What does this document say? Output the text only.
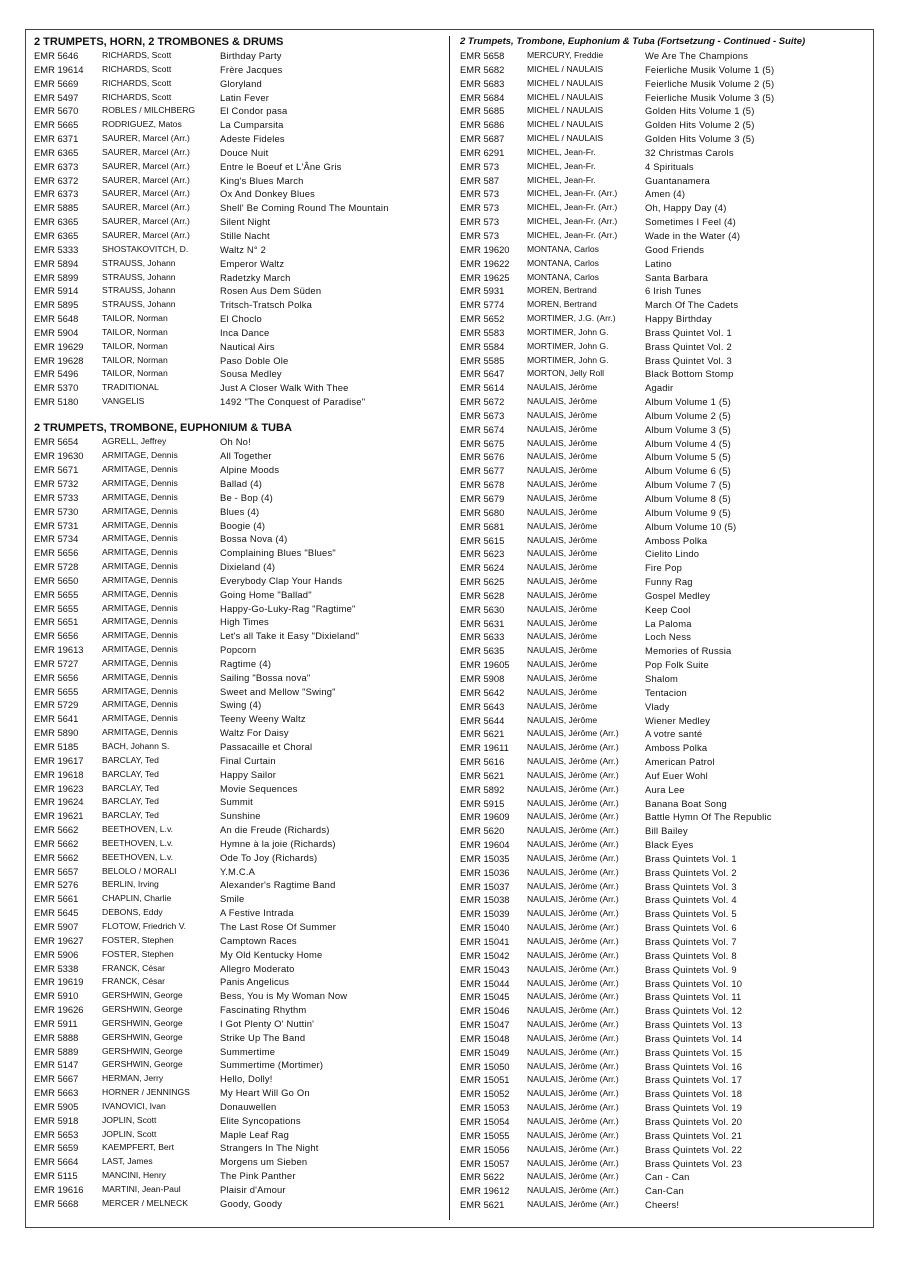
2 TRUMPETS, HORN, 2 TROMBONES & DRUMS
EMR 5646	RICHARDS, Scott	Birthday Party
EMR 19614	RICHARDS, Scott	Frère Jacques
EMR 5669	RICHARDS, Scott	Gloryland
EMR 5497	RICHARDS, Scott	Latin Fever
EMR 5670	ROBLES / MILCHBERG	El Condor pasa
EMR 5665	RODRIGUEZ, Matos	La Cumparsita
EMR 6371	SAURER, Marcel (Arr.)	Adeste Fideles
EMR 6365	SAURER, Marcel (Arr.)	Douce Nuit
EMR 6373	SAURER, Marcel (Arr.)	Entre le Boeuf et L'Âne Gris
EMR 6372	SAURER, Marcel (Arr.)	King's Blues March
EMR 6373	SAURER, Marcel (Arr.)	Ox And Donkey Blues
EMR 5885	SAURER, Marcel (Arr.)	Shell' Be Coming Round The Mountain
EMR 6365	SAURER, Marcel (Arr.)	Silent Night
EMR 6365	SAURER, Marcel (Arr.)	Stille Nacht
EMR 5333	SHOSTAKOVITCH, D.	Waltz N° 2
EMR 5894	STRAUSS, Johann	Emperor Waltz
EMR 5899	STRAUSS, Johann	Radetzky March
EMR 5914	STRAUSS, Johann	Rosen Aus Dem Süden
EMR 5895	STRAUSS, Johann	Tritsch-Tratsch Polka
EMR 5648	TAILOR, Norman	El Choclo
EMR 5904	TAILOR, Norman	Inca Dance
EMR 19629	TAILOR, Norman	Nautical Airs
EMR 19628	TAILOR, Norman	Paso Doble Ole
EMR 5496	TAILOR, Norman	Sousa Medley
EMR 5370	TRADITIONAL	Just A Closer Walk With Thee
EMR 5180	VANGELIS	1492 "The Conquest of Paradise"
2 TRUMPETS, TROMBONE, EUPHONIUM & TUBA
EMR 5654	AGRELL, Jeffrey	Oh No!
EMR 19630	ARMITAGE, Dennis	All Together
EMR 5671	ARMITAGE, Dennis	Alpine Moods
EMR 5732	ARMITAGE, Dennis	Ballad (4)
EMR 5733	ARMITAGE, Dennis	Be - Bop (4)
EMR 5730	ARMITAGE, Dennis	Blues (4)
EMR 5731	ARMITAGE, Dennis	Boogie (4)
EMR 5734	ARMITAGE, Dennis	Bossa Nova (4)
EMR 5656	ARMITAGE, Dennis	Complaining Blues "Blues"
EMR 5728	ARMITAGE, Dennis	Dixieland (4)
EMR 5650	ARMITAGE, Dennis	Everybody Clap Your Hands
EMR 5655	ARMITAGE, Dennis	Going Home "Ballad"
EMR 5655	ARMITAGE, Dennis	Happy-Go-Luky-Rag "Ragtime"
EMR 5651	ARMITAGE, Dennis	High Times
EMR 5656	ARMITAGE, Dennis	Let's all Take it Easy "Dixieland"
EMR 19613	ARMITAGE, Dennis	Popcorn
EMR 5727	ARMITAGE, Dennis	Ragtime (4)
EMR 5656	ARMITAGE, Dennis	Sailing "Bossa nova"
EMR 5655	ARMITAGE, Dennis	Sweet and Mellow "Swing"
EMR 5729	ARMITAGE, Dennis	Swing (4)
EMR 5641	ARMITAGE, Dennis	Teeny Weeny Waltz
EMR 5890	ARMITAGE, Dennis	Waltz For Daisy
EMR 5185	BACH, Johann S.	Passacaille et Choral
EMR 19617	BARCLAY, Ted	Final Curtain
EMR 19618	BARCLAY, Ted	Happy Sailor
EMR 19623	BARCLAY, Ted	Movie Sequences
EMR 19624	BARCLAY, Ted	Summit
EMR 19621	BARCLAY, Ted	Sunshine
EMR 5662	BEETHOVEN, L.v.	An die Freude (Richards)
EMR 5662	BEETHOVEN, L.v.	Hymne à la joie (Richards)
EMR 5662	BEETHOVEN, L.v.	Ode To Joy (Richards)
EMR 5657	BELOLO / MORALI	Y.M.C.A
EMR 5276	BERLIN, Irving	Alexander's Ragtime Band
EMR 5661	CHAPLIN, Charlie	Smile
EMR 5645	DEBONS, Eddy	A Festive Intrada
EMR 5907	FLOTOW, Friedrich V.	The Last Rose Of Summer
EMR 19627	FOSTER, Stephen	Camptown Races
EMR 5906	FOSTER, Stephen	My Old Kentucky Home
EMR 5338	FRANCK, César	Allegro Moderato
EMR 19619	FRANCK, César	Panis Angelicus
EMR 5910	GERSHWIN, George	Bess, You is My Woman Now
EMR 19626	GERSHWIN, George	Fascinating Rhythm
EMR 5911	GERSHWIN, George	I Got Plenty O' Nuttin'
EMR 5888	GERSHWIN, George	Strike Up The Band
EMR 5889	GERSHWIN, George	Summertime
EMR 5147	GERSHWIN, George	Summertime (Mortimer)
EMR 5667	HERMAN, Jerry	Hello, Dolly!
EMR 5663	HORNER / JENNINGS	My Heart Will Go On
EMR 5905	IVANOVICI, Ivan	Donauwellen
EMR 5918	JOPLIN, Scott	Elite Syncopations
EMR 5653	JOPLIN, Scott	Maple Leaf Rag
EMR 5659	KAEMPFERT, Bert	Strangers In The Night
EMR 5664	LAST, James	Morgens um Sieben
EMR 5115	MANCINI, Henry	The Pink Panther
EMR 19616	MARTINI, Jean-Paul	Plaisir d'Amour
EMR 5668	MERCER / MELNECK	Goody, Goody
2 Trumpets, Trombone, Euphonium & Tuba (Fortsetzung - Continued - Suite)
EMR 5658	MERCURY, Freddie	We Are The Champions
EMR 5682	MICHEL / NAULAIS	Feierliche Musik Volume 1 (5)
EMR 5683	MICHEL / NAULAIS	Feierliche Musik Volume 2 (5)
EMR 5684	MICHEL / NAULAIS	Feierliche Musik Volume 3 (5)
EMR 5685	MICHEL / NAULAIS	Golden Hits Volume 1 (5)
EMR 5686	MICHEL / NAULAIS	Golden Hits Volume 2 (5)
EMR 5687	MICHEL / NAULAIS	Golden Hits Volume 3 (5)
EMR 6291	MICHEL, Jean-Fr.	32 Christmas Carols
EMR 573	MICHEL, Jean-Fr.	4 Spirituals
EMR 587	MICHEL, Jean-Fr.	Guantanamera
EMR 573	MICHEL, Jean-Fr. (Arr.)	Amen (4)
EMR 573	MICHEL, Jean-Fr. (Arr.)	Oh, Happy Day (4)
EMR 573	MICHEL, Jean-Fr. (Arr.)	Sometimes I Feel (4)
EMR 573	MICHEL, Jean-Fr. (Arr.)	Wade in the Water (4)
EMR 19620	MONTANA, Carlos	Good Friends
EMR 19622	MONTANA, Carlos	Latino
EMR 19625	MONTANA, Carlos	Santa Barbara
EMR 5931	MOREN, Bertrand	6 Irish Tunes
EMR 5774	MOREN, Bertrand	March Of The Cadets
EMR 5652	MORTIMER, J.G. (Arr.)	Happy Birthday
EMR 5583	MORTIMER, John G.	Brass Quintet Vol. 1
EMR 5584	MORTIMER, John G.	Brass Quintet Vol. 2
EMR 5585	MORTIMER, John G.	Brass Quintet Vol. 3
EMR 5647	MORTON, Jelly Roll	Black Bottom Stomp
EMR 5614	NAULAIS, Jérôme	Agadir
EMR 5672	NAULAIS, Jérôme	Album Volume 1 (5)
EMR 5673	NAULAIS, Jérôme	Album Volume 2 (5)
EMR 5674	NAULAIS, Jérôme	Album Volume 3 (5)
EMR 5675	NAULAIS, Jérôme	Album Volume 4 (5)
EMR 5676	NAULAIS, Jérôme	Album Volume 5 (5)
EMR 5677	NAULAIS, Jérôme	Album Volume 6 (5)
EMR 5678	NAULAIS, Jérôme	Album Volume 7 (5)
EMR 5679	NAULAIS, Jérôme	Album Volume 8 (5)
EMR 5680	NAULAIS, Jérôme	Album Volume 9 (5)
EMR 5681	NAULAIS, Jérôme	Album Volume 10 (5)
EMR 5615	NAULAIS, Jérôme	Amboss Polka
EMR 5623	NAULAIS, Jérôme	Cielito Lindo
EMR 5624	NAULAIS, Jérôme	Fire Pop
EMR 5625	NAULAIS, Jérôme	Funny Rag
EMR 5628	NAULAIS, Jérôme	Gospel Medley
EMR 5630	NAULAIS, Jérôme	Keep Cool
EMR 5631	NAULAIS, Jérôme	La Paloma
EMR 5633	NAULAIS, Jérôme	Loch Ness
EMR 5635	NAULAIS, Jérôme	Memories of Russia
EMR 19605	NAULAIS, Jérôme	Pop Folk Suite
EMR 5908	NAULAIS, Jérôme	Shalom
EMR 5642	NAULAIS, Jérôme	Tentacion
EMR 5643	NAULAIS, Jérôme	Vlady
EMR 5644	NAULAIS, Jérôme	Wiener Medley
EMR 5621	NAULAIS, Jérôme (Arr.)	A votre santé
EMR 19611	NAULAIS, Jérôme (Arr.)	Amboss Polka
EMR 5616	NAULAIS, Jérôme (Arr.)	American Patrol
EMR 5621	NAULAIS, Jérôme (Arr.)	Auf Euer Wohl
EMR 5892	NAULAIS, Jérôme (Arr.)	Aura Lee
EMR 5915	NAULAIS, Jérôme (Arr.)	Banana Boat Song
EMR 19609	NAULAIS, Jérôme (Arr.)	Battle Hymn Of The Republic
EMR 5620	NAULAIS, Jérôme (Arr.)	Bill Bailey
EMR 19604	NAULAIS, Jérôme (Arr.)	Black Eyes
EMR 15035	NAULAIS, Jérôme (Arr.)	Brass Quintets Vol. 1
EMR 15036	NAULAIS, Jérôme (Arr.)	Brass Quintets Vol. 2
EMR 15037	NAULAIS, Jérôme (Arr.)	Brass Quintets Vol. 3
EMR 15038	NAULAIS, Jérôme (Arr.)	Brass Quintets Vol. 4
EMR 15039	NAULAIS, Jérôme (Arr.)	Brass Quintets Vol. 5
EMR 15040	NAULAIS, Jérôme (Arr.)	Brass Quintets Vol. 6
EMR 15041	NAULAIS, Jérôme (Arr.)	Brass Quintets Vol. 7
EMR 15042	NAULAIS, Jérôme (Arr.)	Brass Quintets Vol. 8
EMR 15043	NAULAIS, Jérôme (Arr.)	Brass Quintets Vol. 9
EMR 15044	NAULAIS, Jérôme (Arr.)	Brass Quintets Vol. 10
EMR 15045	NAULAIS, Jérôme (Arr.)	Brass Quintets Vol. 11
EMR 15046	NAULAIS, Jérôme (Arr.)	Brass Quintets Vol. 12
EMR 15047	NAULAIS, Jérôme (Arr.)	Brass Quintets Vol. 13
EMR 15048	NAULAIS, Jérôme (Arr.)	Brass Quintets Vol. 14
EMR 15049	NAULAIS, Jérôme (Arr.)	Brass Quintets Vol. 15
EMR 15050	NAULAIS, Jérôme (Arr.)	Brass Quintets Vol. 16
EMR 15051	NAULAIS, Jérôme (Arr.)	Brass Quintets Vol. 17
EMR 15052	NAULAIS, Jérôme (Arr.)	Brass Quintets Vol. 18
EMR 15053	NAULAIS, Jérôme (Arr.)	Brass Quintets Vol. 19
EMR 15054	NAULAIS, Jérôme (Arr.)	Brass Quintets Vol. 20
EMR 15055	NAULAIS, Jérôme (Arr.)	Brass Quintets Vol. 21
EMR 15056	NAULAIS, Jérôme (Arr.)	Brass Quintets Vol. 22
EMR 15057	NAULAIS, Jérôme (Arr.)	Brass Quintets Vol. 23
EMR 5622	NAULAIS, Jérôme (Arr.)	Can - Can
EMR 19612	NAULAIS, Jérôme (Arr.)	Can-Can
EMR 5621	NAULAIS, Jérôme (Arr.)	Cheers!
